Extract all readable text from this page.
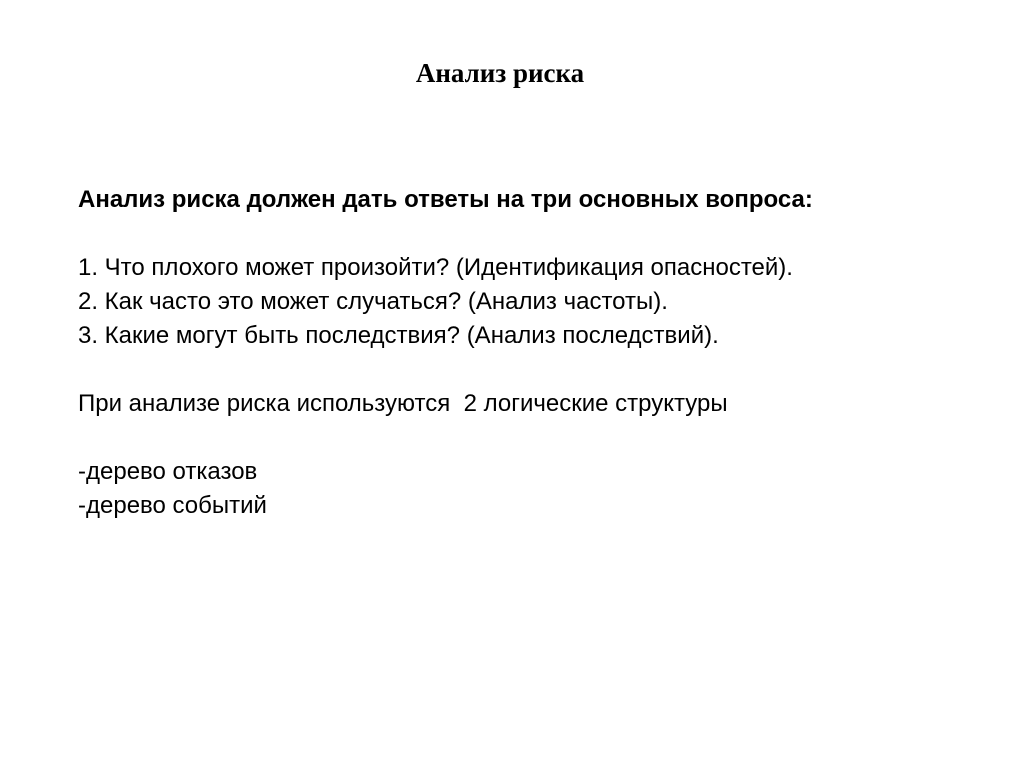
Анализ риска
Анализ риска должен дать ответы на три основных вопроса:
1. Что плохого может произойти? (Идентификация опасностей).
2. Как часто это может случаться? (Анализ частоты).
3. Какие могут быть последствия? (Анализ последствий).
При анализе риска используются  2 логические структуры
-дерево отказов
-дерево событий
